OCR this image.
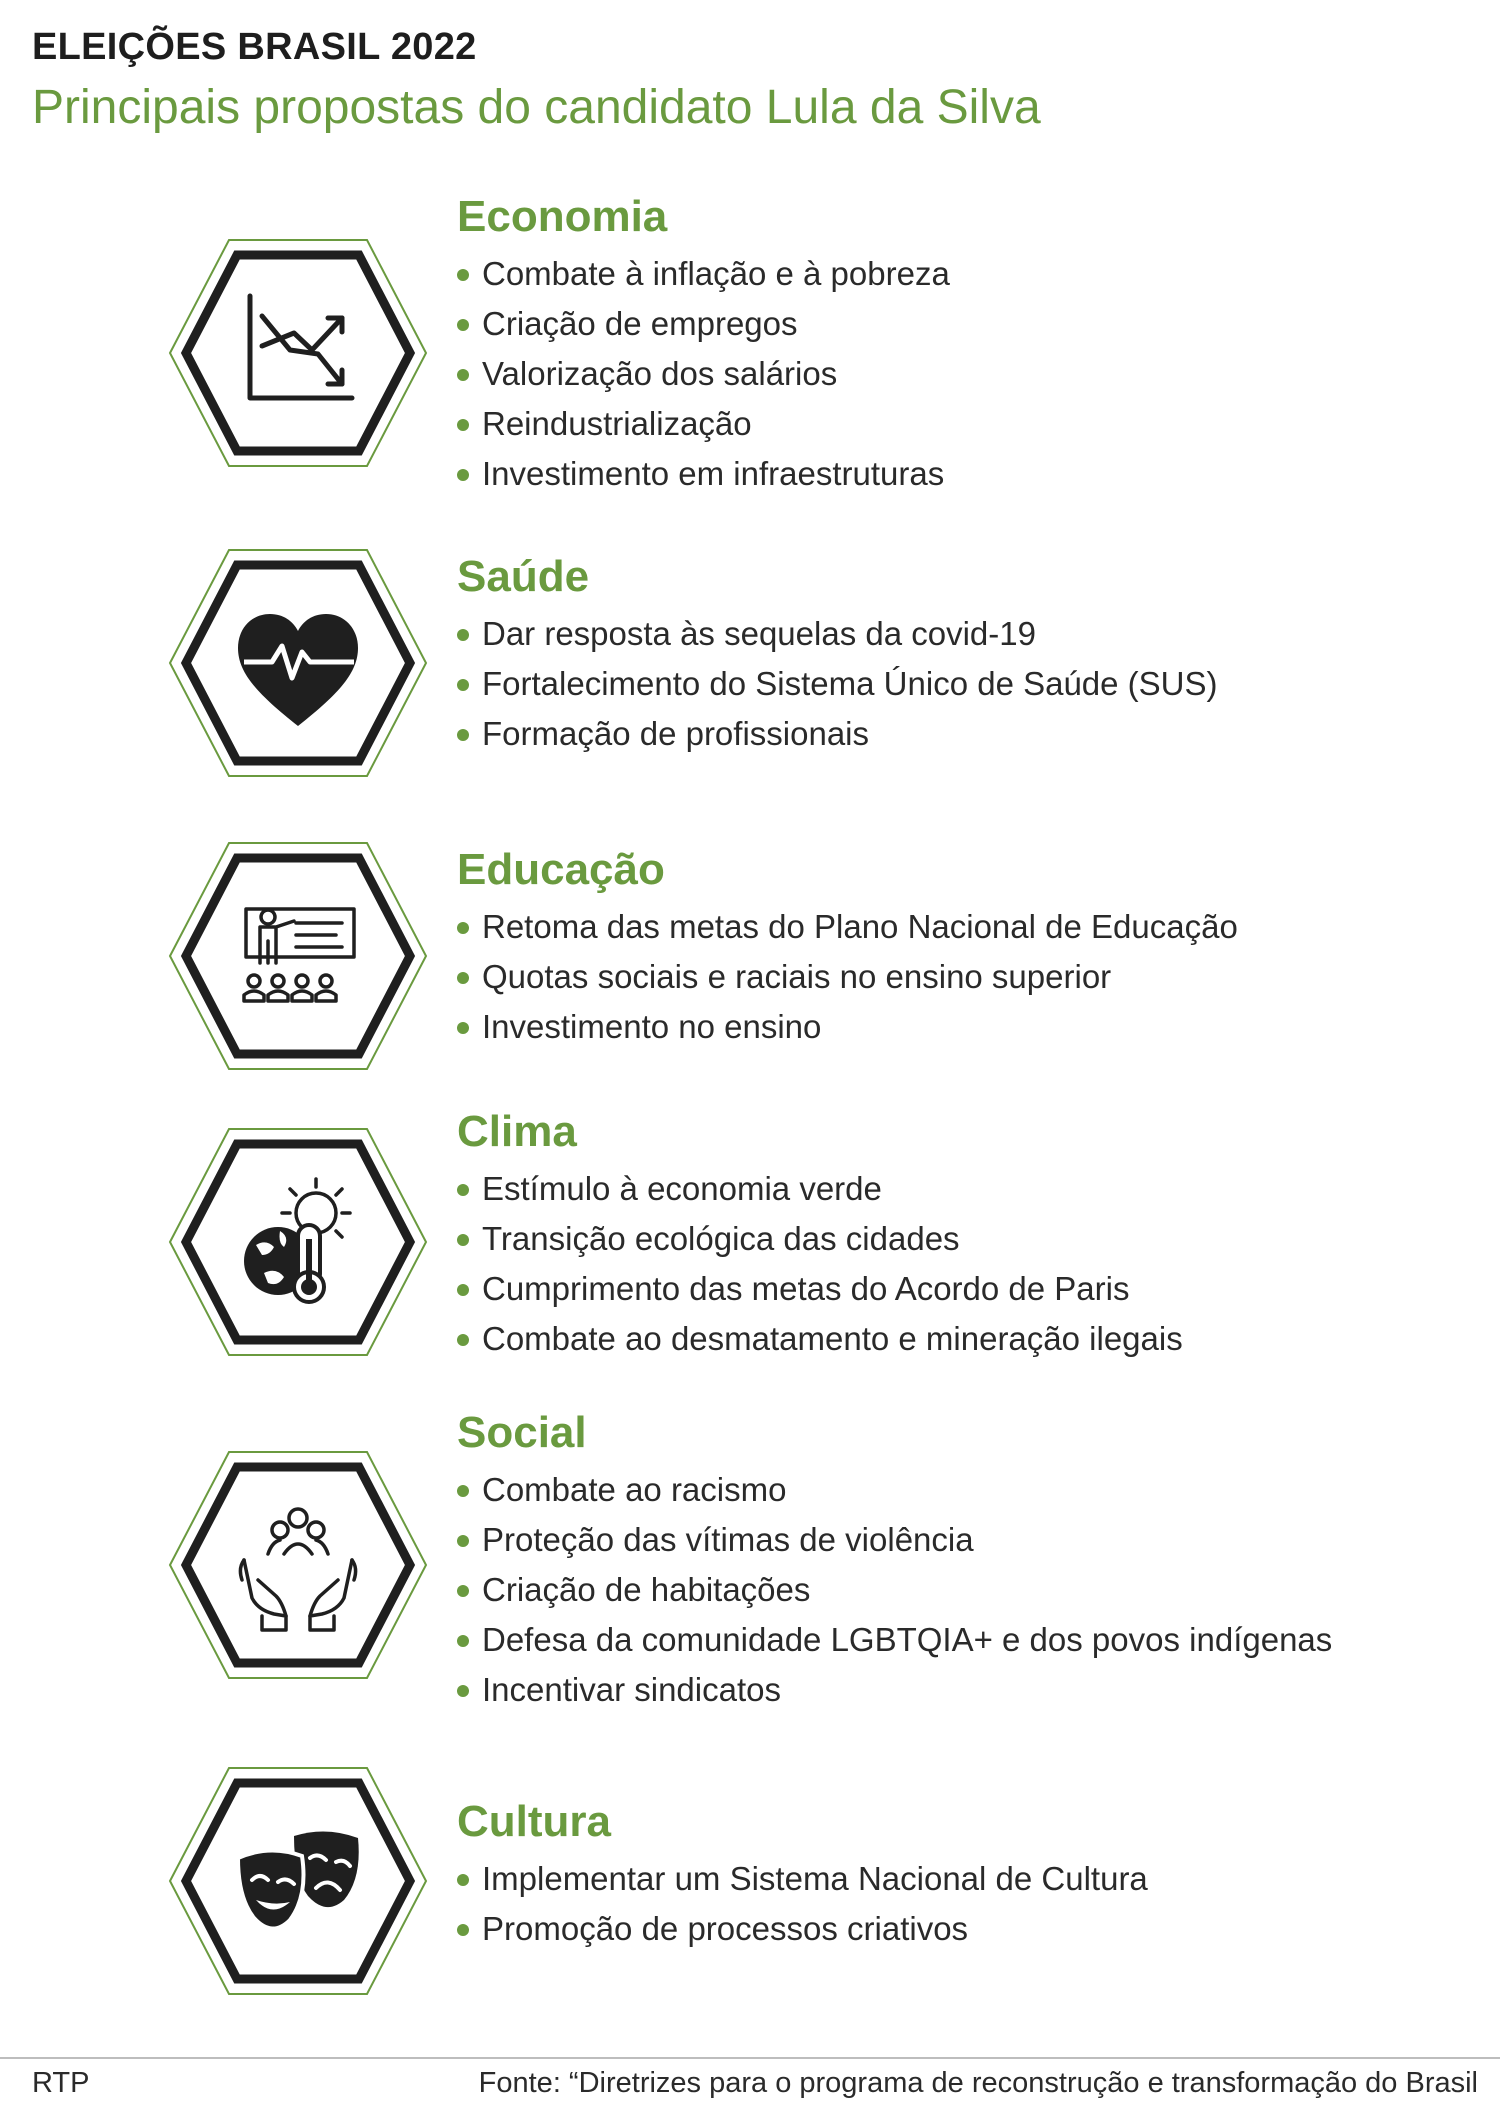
ELEIÇÕES BRASIL 2022
Principais propostas do candidato Lula da Silva
Economia
Combate à inflação e à pobreza
Criação de empregos
Valorização dos salários
Reindustrialização
Investimento em infraestruturas
Saúde
Dar resposta às sequelas da covid-19
Fortalecimento do Sistema Único de Saúde (SUS)
Formação de profissionais
Educação
Retoma das metas do Plano Nacional de Educação
Quotas sociais e raciais no ensino superior
Investimento no ensino
Clima
Estímulo à economia verde
Transição ecológica das cidades
Cumprimento das metas do Acordo de Paris
Combate ao desmatamento e mineração ilegais
Social
Combate ao racismo
Proteção das vítimas de violência
Criação de habitações
Defesa da comunidade LGBTQIA+ e dos povos indígenas
Incentivar sindicatos
Cultura
Implementar um Sistema Nacional de Cultura
Promoção de processos criativos
RTP	Fonte: “Diretrizes para o programa de reconstrução e transformação do Brasil
